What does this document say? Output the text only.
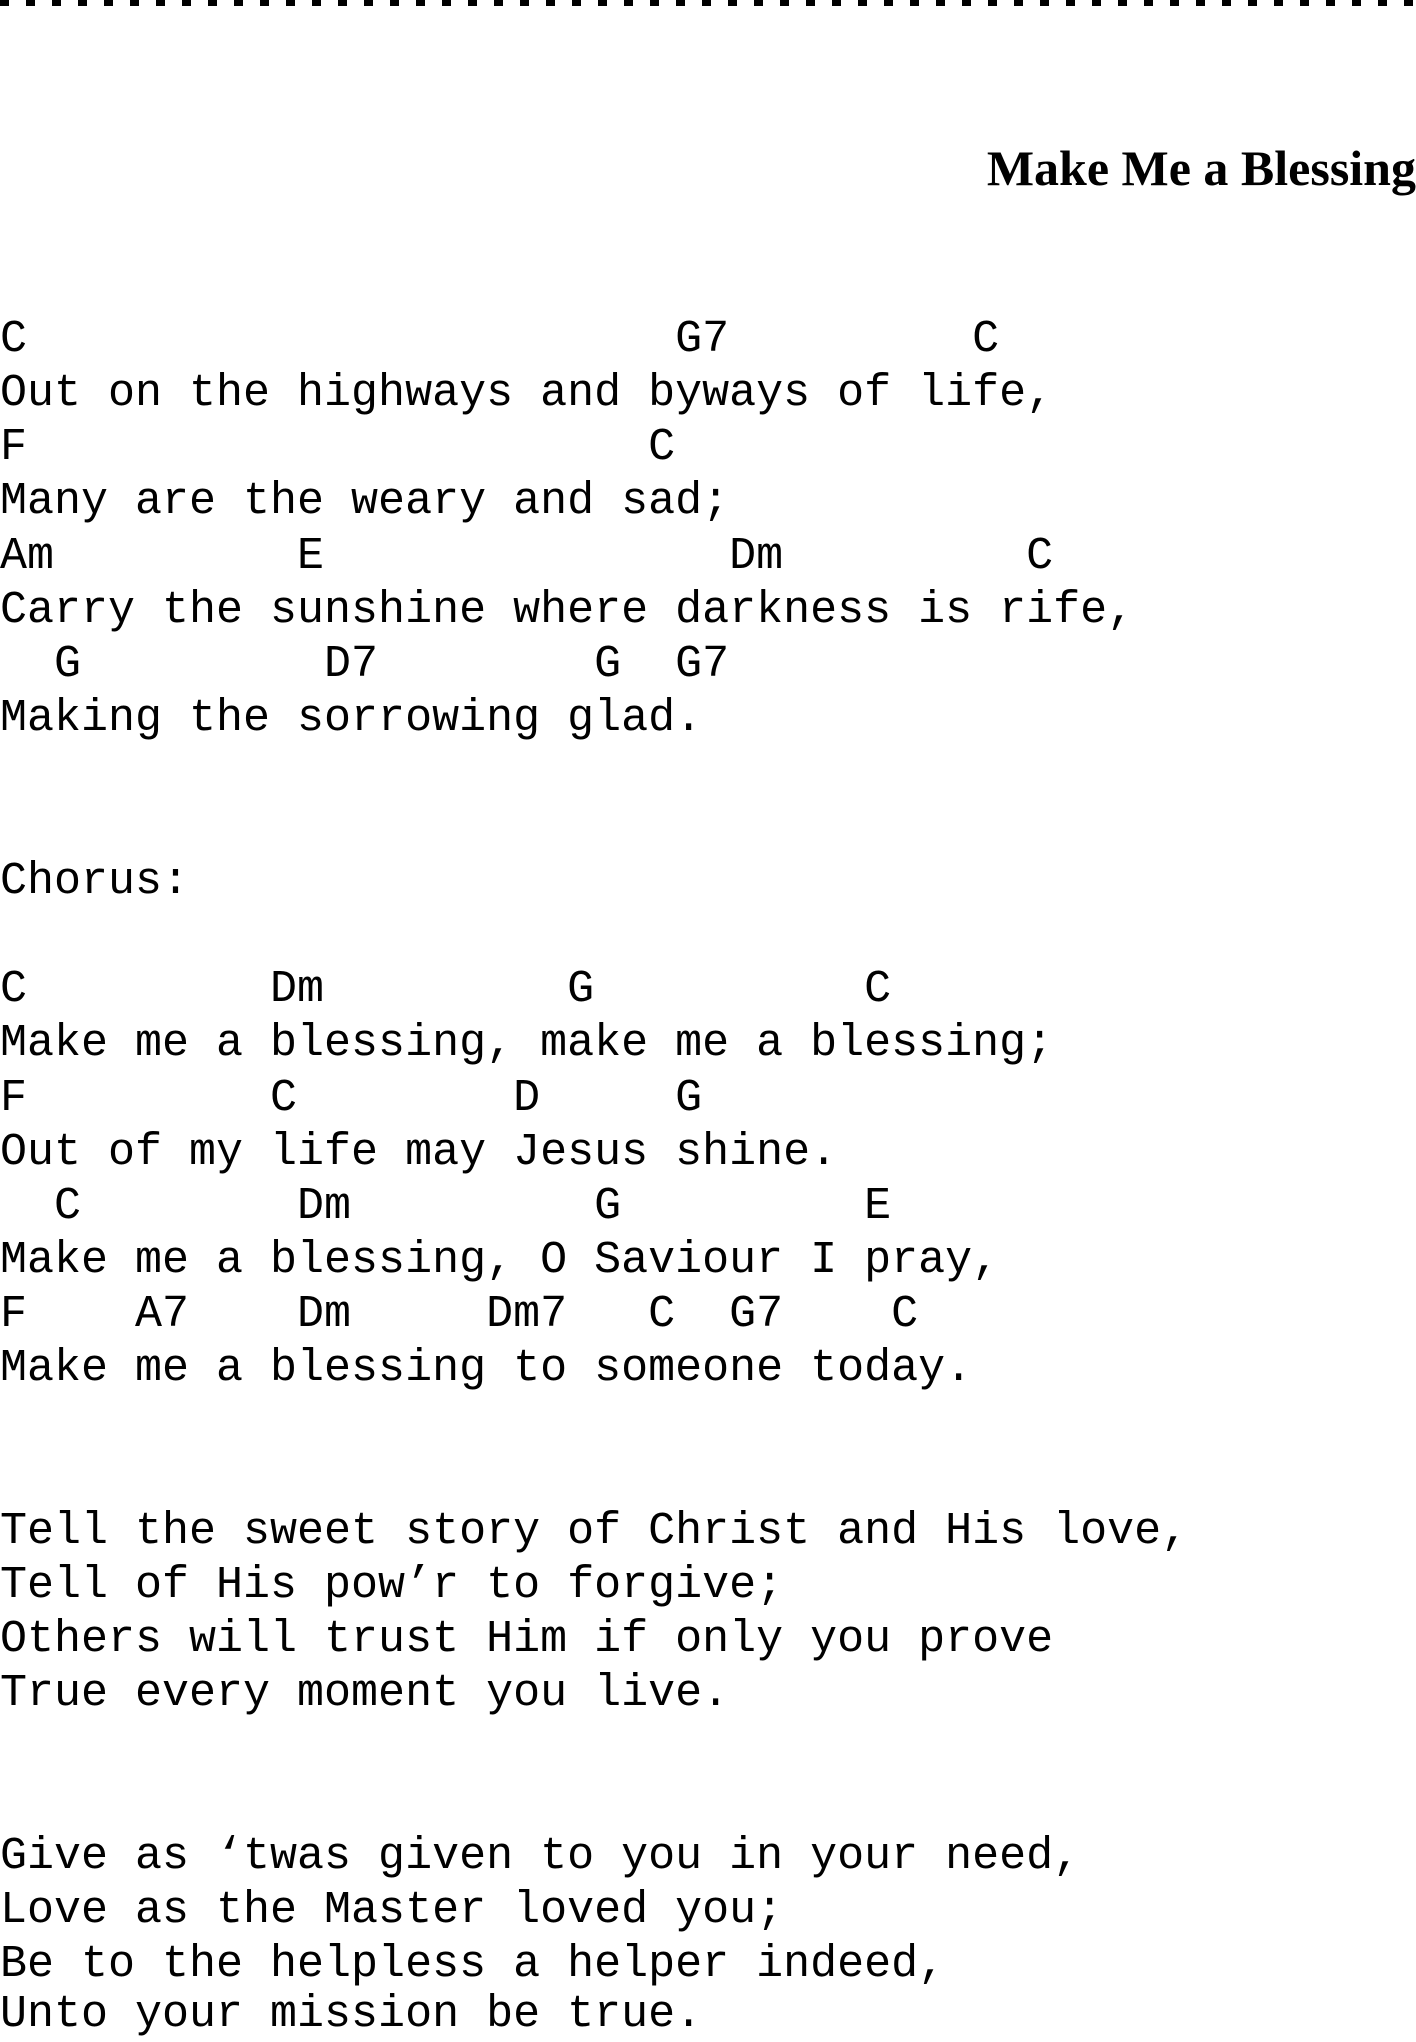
Make Me a Blessing

C                        G7         C

Out on the highways and byways of life,

F                       C

Many are the weary and sad;

Am         E               Dm         C

Carry the sunshine where darkness is rife,

G         D7        G  G7

Making the sorrowing glad.

Chorus:

C         Dm         G          C

Make me a blessing, make me a blessing;

F         C        D     G

Out of my life may Jesus shine.

C        Dm         G         E

Make me a blessing, O Saviour I pray,

F    A7    Dm     Dm7   C  G7    C

Make me a blessing to someone today.

Tell the sweet story of Christ and His love,

Tell of His pow’r to forgive;

Others will trust Him if only you prove

True every moment you live.

Give as ‘twas given to you in your need,

Love as the Master loved you;

Be to the helpless a helper indeed,

Unto your mission be true.
